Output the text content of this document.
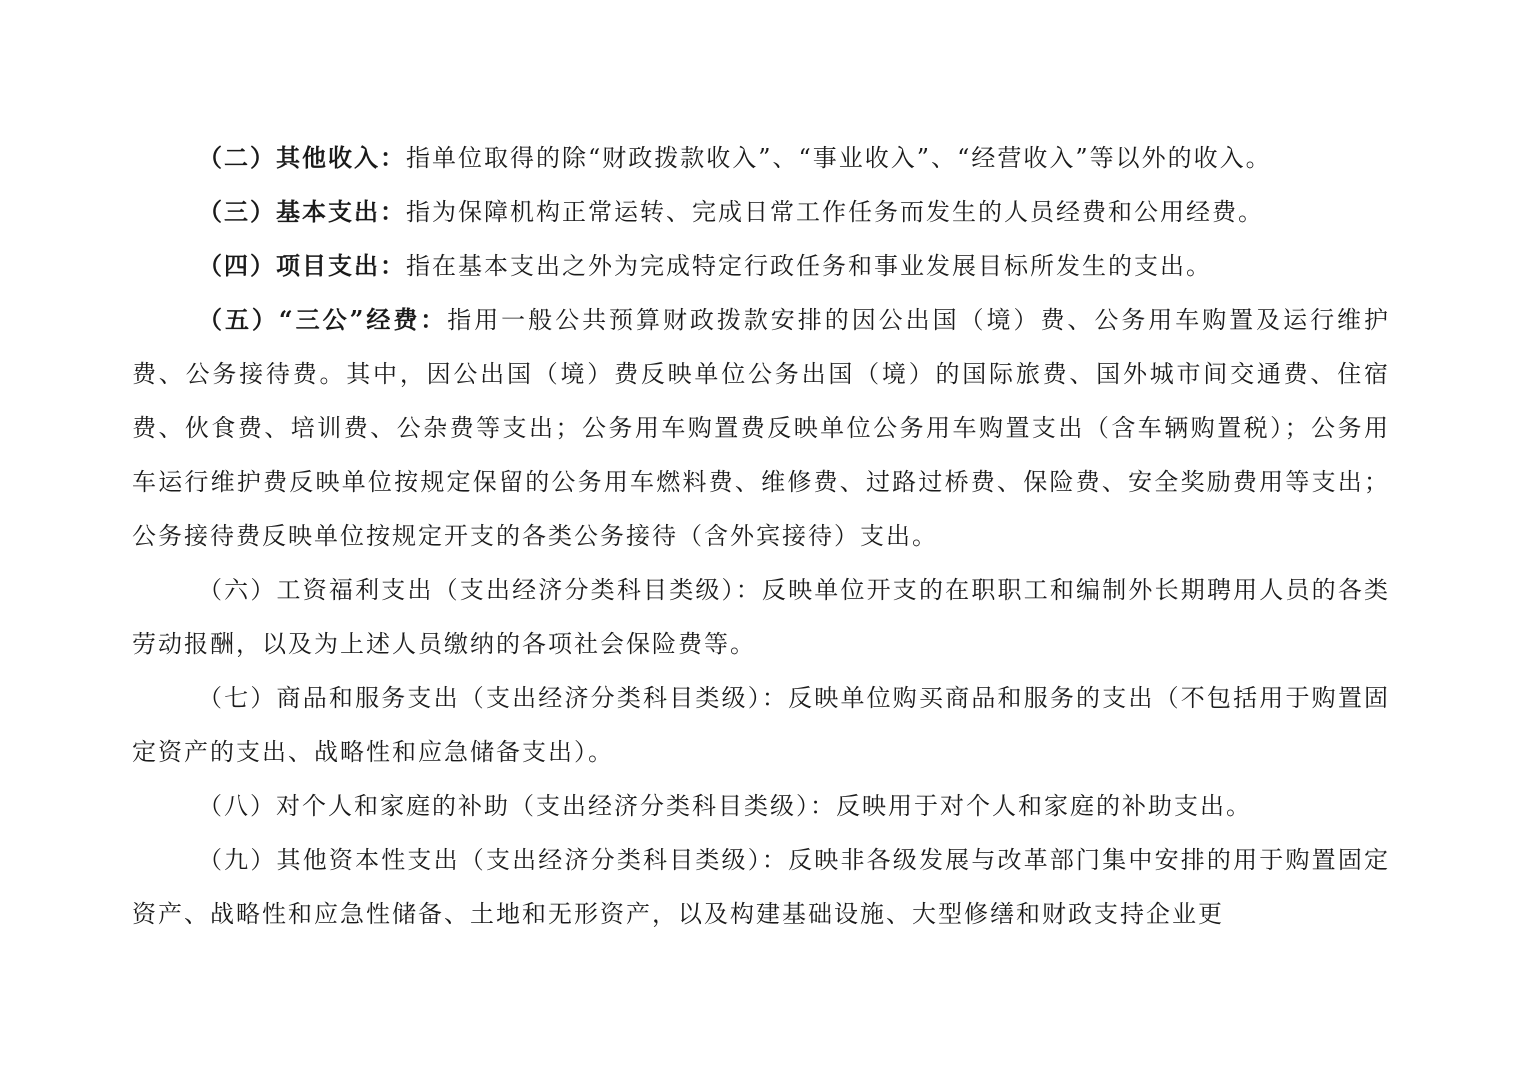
（二）其他收入：指单位取得的除“财政拨款收入”、“事业收入”、“经营收入”等以外的收入。

（三）基本支出：指为保障机构正常运转、完成日常工作任务而发生的人员经费和公用经费。

（四）项目支出：指在基本支出之外为完成特定行政任务和事业发展目标所发生的支出。

（五）“三公”经费：指用一般公共预算财政拨款安排的因公出国（境）费、公务用车购置及运行维护费、公务接待费。其中，因公出国（境）费反映单位公务出国（境）的国际旅费、国外城市间交通费、住宿费、伙食费、培训费、公杂费等支出；公务用车购置费反映单位公务用车购置支出（含车辆购置税）；公务用车运行维护费反映单位按规定保留的公务用车燃料费、维修费、过路过桥费、保险费、安全奖励费用等支出；公务接待费反映单位按规定开支的各类公务接待（含外宾接待）支出。

（六）工资福利支出（支出经济分类科目类级）：反映单位开支的在职职工和编制外长期聘用人员的各类劳动报酬，以及为上述人员缴纳的各项社会保险费等。

（七）商品和服务支出（支出经济分类科目类级）：反映单位购买商品和服务的支出（不包括用于购置固定资产的支出、战略性和应急储备支出）。

（八）对个人和家庭的补助（支出经济分类科目类级）：反映用于对个人和家庭的补助支出。

（九）其他资本性支出（支出经济分类科目类级）：反映非各级发展与改革部门集中安排的用于购置固定资产、战略性和应急性储备、土地和无形资产，以及构建基础设施、大型修缮和财政支持企业更
